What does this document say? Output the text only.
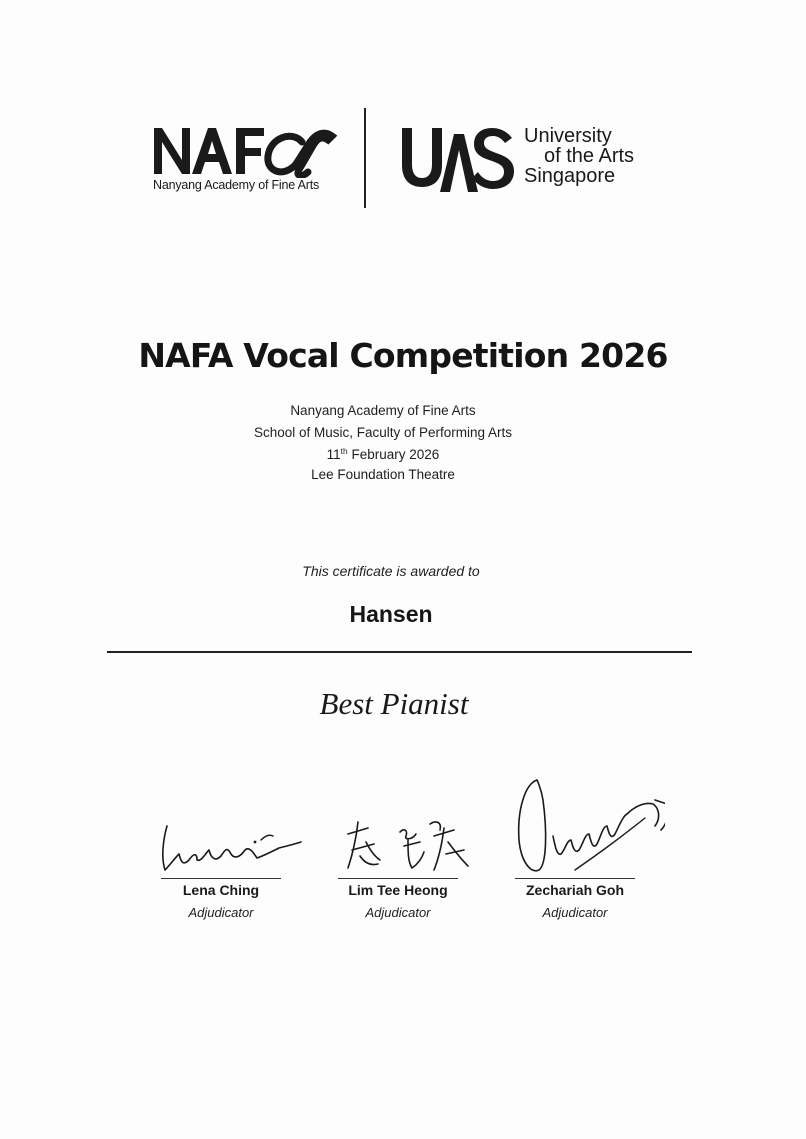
Nanyang Academy of Fine Arts
University
of the Arts
Singapore
NAFA Vocal Competition 2026
Nanyang Academy of Fine Arts
School of Music, Faculty of Performing Arts
11th February 2026
Lee Foundation Theatre
This certificate is awarded to
Hansen
Best Pianist
Lena Ching
Adjudicator
Lim Tee Heong
Adjudicator
Zechariah Goh
Adjudicator
